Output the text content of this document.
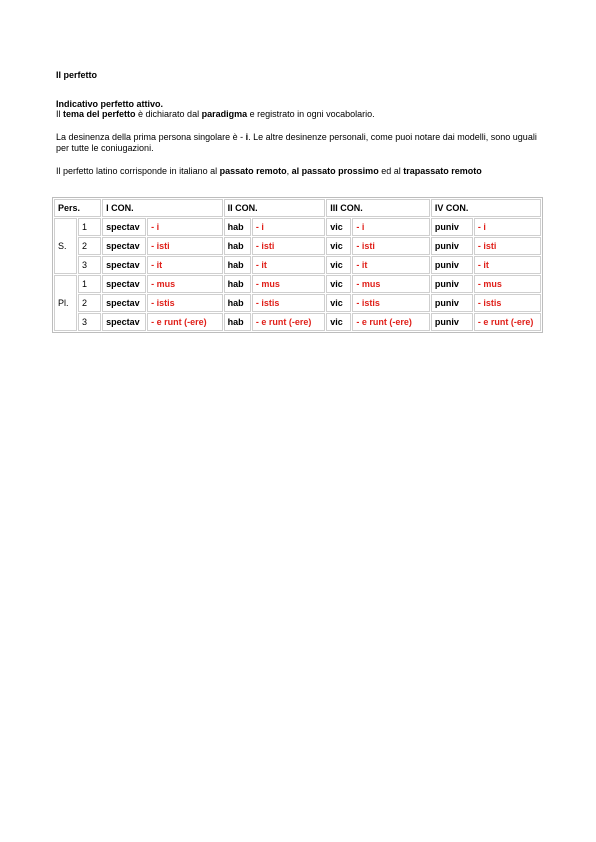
Il perfetto
Indicativo perfetto attivo.

Il tema del perfetto è dichiarato dal paradigma e registrato in ogni vocabolario.

La desinenza della prima persona singolare è - i. Le altre desinenze personali, come puoi notare dai modelli, sono uguali per tutte le coniugazioni.

Il perfetto latino corrisponde in italiano al passato remoto, al passato prossimo ed al trapassato remoto

Pers.		I CON.		II CON.		III CON.		IV CON.	
S.	1	spectav	- i	hab	- i	vic	- i	puniv	- i
	2	spectav	- isti	hab	- isti	vic	- isti	puniv	- isti
	3	spectav	- it	hab	- it	vic	- it	puniv	- it
Pl.	1	spectav	- mus	hab	- mus	vic	- mus	puniv	- mus
	2	spectav	- istis	hab	- istis	vic	- istis	puniv	- istis
	3	spectav	- e runt (-ere)	hab	- e runt (-ere)	vic	- e runt (-ere)	puniv	- e runt (-ere)
